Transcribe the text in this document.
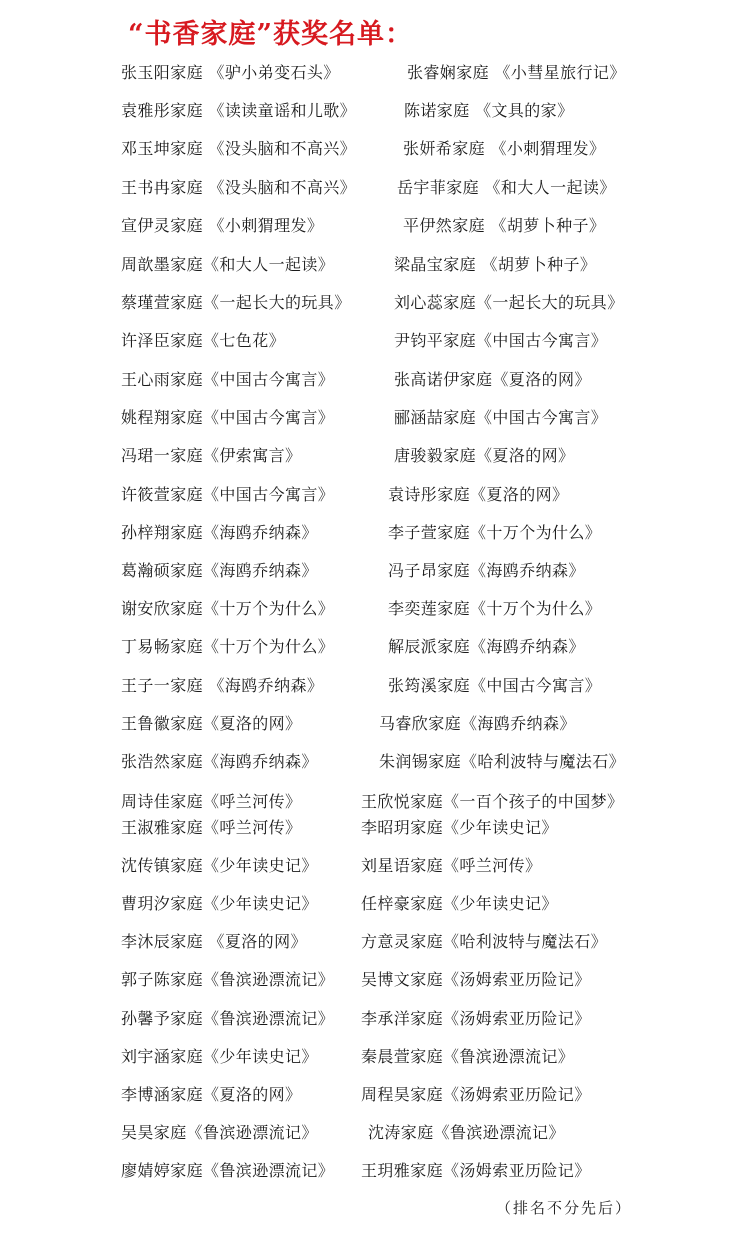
“书香家庭”获奖名单：
张玉阳家庭 《驴小弟变石头》	张睿娴家庭 《小彗星旅行记》
袁雅彤家庭 《读读童谣和儿歌》	陈诺家庭 《文具的家》
邓玉坤家庭 《没头脑和不高兴》	张妍希家庭 《小刺猬理发》
王书冉家庭 《没头脑和不高兴》	岳宇菲家庭 《和大人一起读》
宣伊灵家庭 《小刺猬理发》	平伊然家庭 《胡萝卜种子》
周歆墨家庭《和大人一起读》	梁晶宝家庭 《胡萝卜种子》
蔡瑾萱家庭《一起长大的玩具》	刘心蕊家庭《一起长大的玩具》
许泽臣家庭《七色花》	尹钧平家庭《中国古今寓言》
王心雨家庭《中国古今寓言》	张高诺伊家庭《夏洛的网》
姚程翔家庭《中国古今寓言》	郦涵喆家庭《中国古今寓言》
冯珺一家庭《伊索寓言》	唐骏毅家庭《夏洛的网》
许筱萱家庭《中国古今寓言》	袁诗彤家庭《夏洛的网》
孙梓翔家庭《海鸥乔纳森》	李子萱家庭《十万个为什么》
葛瀚硕家庭《海鸥乔纳森》	冯子昂家庭《海鸥乔纳森》
谢安欣家庭《十万个为什么》	李奕莲家庭《十万个为什么》
丁易畅家庭《十万个为什么》	解辰派家庭《海鸥乔纳森》
王子一家庭 《海鸥乔纳森》	张筠溪家庭《中国古今寓言》
王鲁徽家庭《夏洛的网》	马睿欣家庭《海鸥乔纳森》
张浩然家庭《海鸥乔纳森》	朱润锡家庭《哈利波特与魔法石》
周诗佳家庭《呼兰河传》	王欣悦家庭《一百个孩子的中国梦》
王淑雅家庭《呼兰河传》	李昭玥家庭《少年读史记》
沈传镇家庭《少年读史记》	刘星语家庭《呼兰河传》
曹玥汐家庭《少年读史记》	任梓豪家庭《少年读史记》
李沐辰家庭 《夏洛的网》	方意灵家庭《哈利波特与魔法石》
郭子陈家庭《鲁滨逊漂流记》 吴博文家庭《汤姆索亚历险记》
孙馨予家庭《鲁滨逊漂流记》 李承洋家庭《汤姆索亚历险记》
刘宇涵家庭《少年读史记》	秦晨萱家庭《鲁滨逊漂流记》
李博涵家庭《夏洛的网》	周程昊家庭《汤姆索亚历险记》
吴昊家庭《鲁滨逊漂流记》	沈涛家庭《鲁滨逊漂流记》
廖婧婷家庭《鲁滨逊漂流记》 王玥雅家庭《汤姆索亚历险记》
（排名不分先后）
